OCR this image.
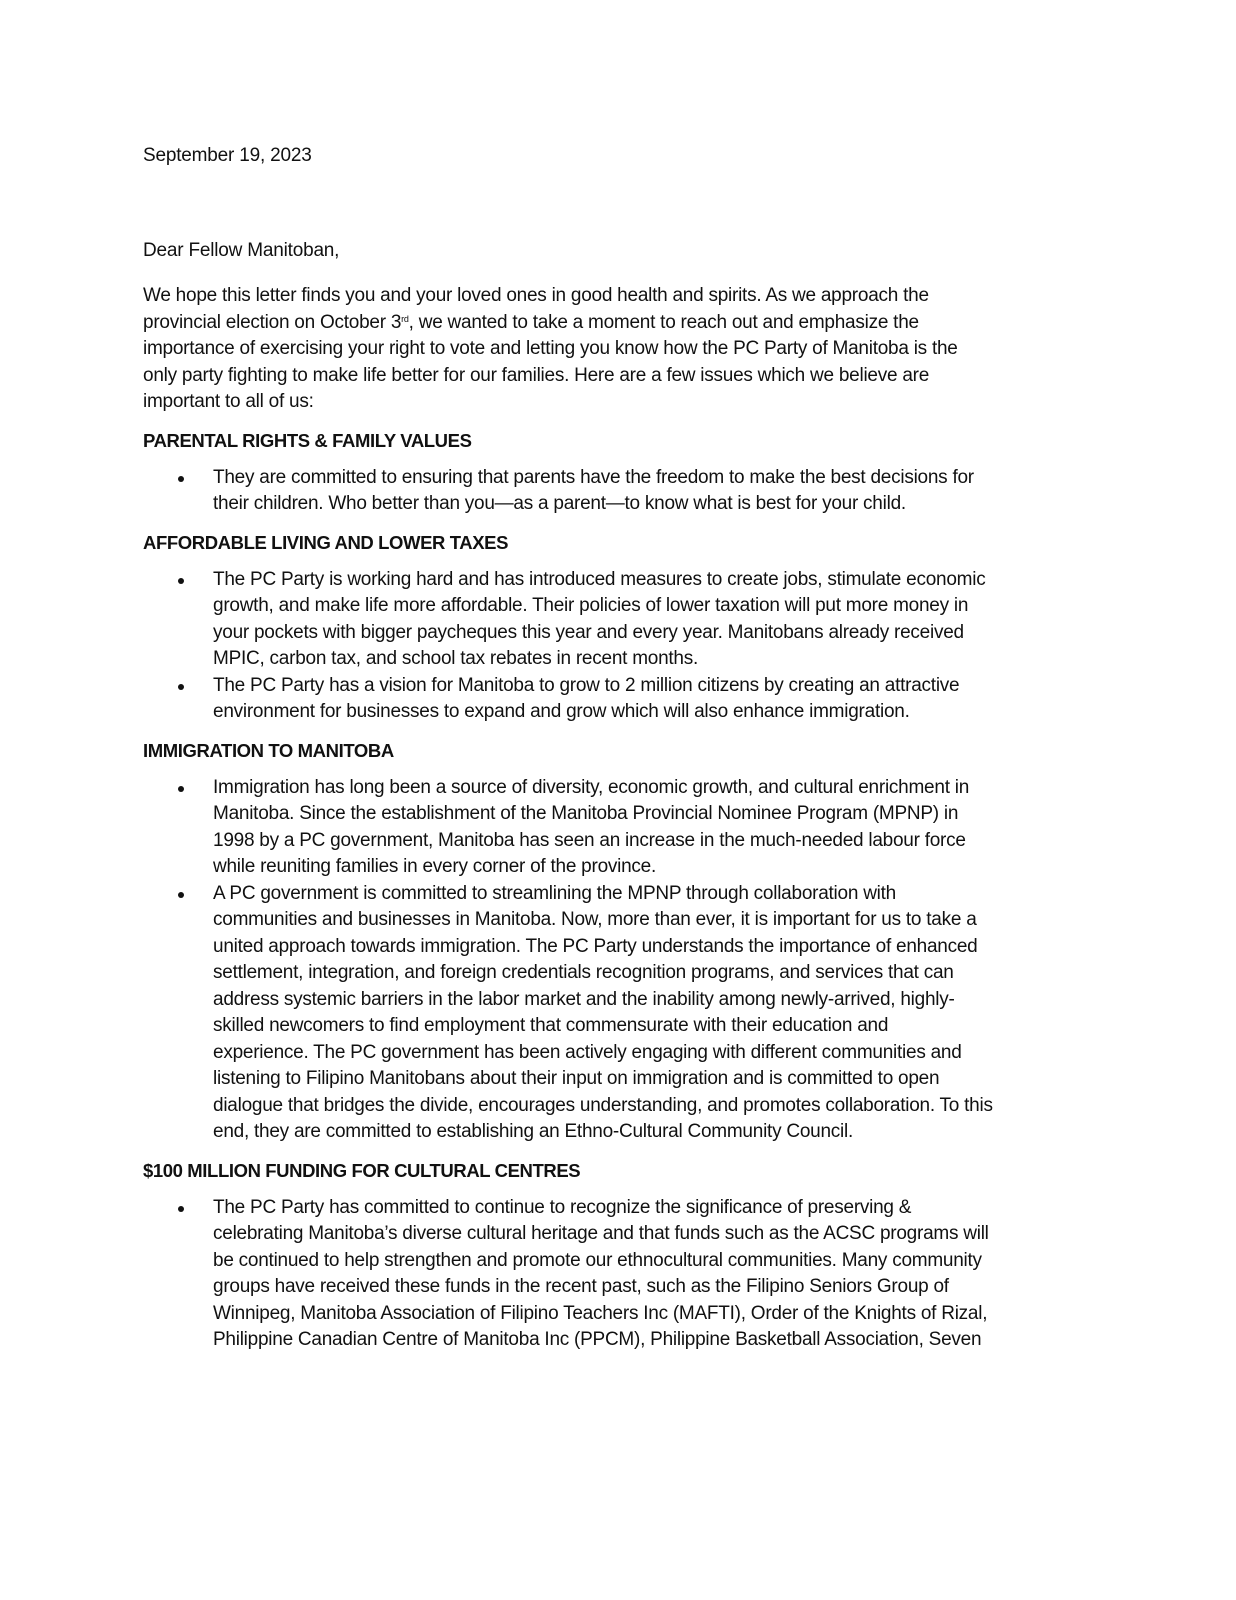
September 19, 2023
Dear Fellow Manitoban,
We hope this letter finds you and your loved ones in good health and spirits. As we approach the
provincial election on October 3rd, we wanted to take a moment to reach out and emphasize the
importance of exercising your right to vote and letting you know how the PC Party of Manitoba is the
only party fighting to make life better for our families. Here are a few issues which we believe are
important to all of us:
PARENTAL RIGHTS & FAMILY VALUES
They are committed to ensuring that parents have the freedom to make the best decisions for
their children. Who better than you—as a parent—to know what is best for your child.
AFFORDABLE LIVING AND LOWER TAXES
The PC Party is working hard and has introduced measures to create jobs, stimulate economic
growth, and make life more affordable. Their policies of lower taxation will put more money in
your pockets with bigger paycheques this year and every year. Manitobans already received
MPIC, carbon tax, and school tax rebates in recent months.
The PC Party has a vision for Manitoba to grow to 2 million citizens by creating an attractive
environment for businesses to expand and grow which will also enhance immigration.
IMMIGRATION TO MANITOBA
Immigration has long been a source of diversity, economic growth, and cultural enrichment in
Manitoba. Since the establishment of the Manitoba Provincial Nominee Program (MPNP) in
1998 by a PC government, Manitoba has seen an increase in the much-needed labour force
while reuniting families in every corner of the province.
A PC government is committed to streamlining the MPNP through collaboration with
communities and businesses in Manitoba. Now, more than ever, it is important for us to take a
united approach towards immigration. The PC Party understands the importance of enhanced
settlement, integration, and foreign credentials recognition programs, and services that can
address systemic barriers in the labor market and the inability among newly-arrived, highly-
skilled newcomers to find employment that commensurate with their education and
experience. The PC government has been actively engaging with different communities and
listening to Filipino Manitobans about their input on immigration and is committed to open
dialogue that bridges the divide, encourages understanding, and promotes collaboration. To this
end, they are committed to establishing an Ethno-Cultural Community Council.
$100 MILLION FUNDING FOR CULTURAL CENTRES
The PC Party has committed to continue to recognize the significance of preserving &
celebrating Manitoba’s diverse cultural heritage and that funds such as the ACSC programs will
be continued to help strengthen and promote our ethnocultural communities. Many community
groups have received these funds in the recent past, such as the Filipino Seniors Group of
Winnipeg, Manitoba Association of Filipino Teachers Inc (MAFTI), Order of the Knights of Rizal,
Philippine Canadian Centre of Manitoba Inc (PPCM), Philippine Basketball Association, Seven
